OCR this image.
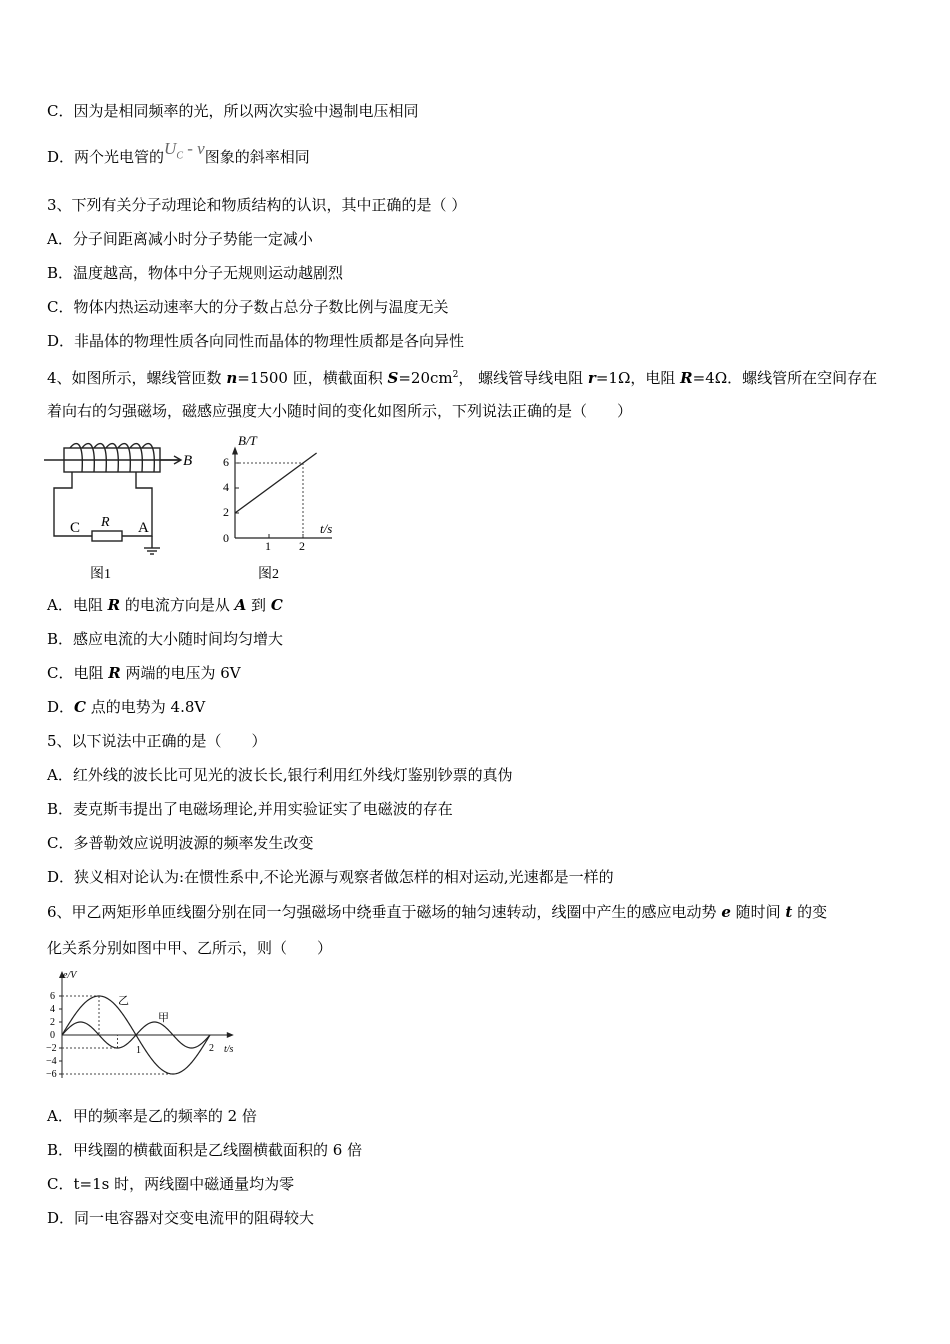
C．因为是相同频率的光，所以两次实验中遏制电压相同
D．两个光电管的$U_C$ - ν图象的斜率相同
3、下列有关分子动理论和物质结构的认识，其中正确的是（ ）
A．分子间距离减小时分子势能一定减小
B．温度越高，物体中分子无规则运动越剧烈
C．物体内热运动速率大的分子数占总分子数比例与温度无关
D．非晶体的物理性质各向同性而晶体的物理性质都是各向异性
4、如图所示，螺线管匝数 n=1500 匝，横截面积 $S=20cm^2$， 螺线管导线电阻 r=1Ω，电阻 R=4Ω．螺线管所在空间存在
着向右的匀强磁场，磁感应强度大小随时间的变化如图所示，下列说法正确的是（　　）
B
C R A
图1
B/T
t/s
6
4
2
0
1 2
图2
A．电阻 R 的电流方向是从 A 到 C
B．感应电流的大小随时间均匀增大
C．电阻 R 两端的电压为 6V
D．C 点的电势为 4.8V
5、以下说法中正确的是（　　）
A．红外线的波长比可见光的波长长,银行利用红外线灯鉴别钞票的真伪
B．麦克斯韦提出了电磁场理论,并用实验证实了电磁波的存在
C．多普勒效应说明波源的频率发生改变
D．狭义相对论认为:在惯性系中,不论光源与观察者做怎样的相对运动,光速都是一样的
6、甲乙两矩形单匝线圈分别在同一匀强磁场中绕垂直于磁场的轴匀速转动，线圈中产生的感应电动势 e 随时间 t 的变
化关系分别如图中甲、乙所示，则（　　）
e/V
t/s
6
4
2
0
−2
−4
−6
1	2
乙
甲
A．甲的频率是乙的频率的 2 倍
B．甲线圈的横截面积是乙线圈横截面积的 6 倍
C．t=1s 时，两线圈中磁通量均为零
D．同一电容器对交变电流甲的阻碍较大
